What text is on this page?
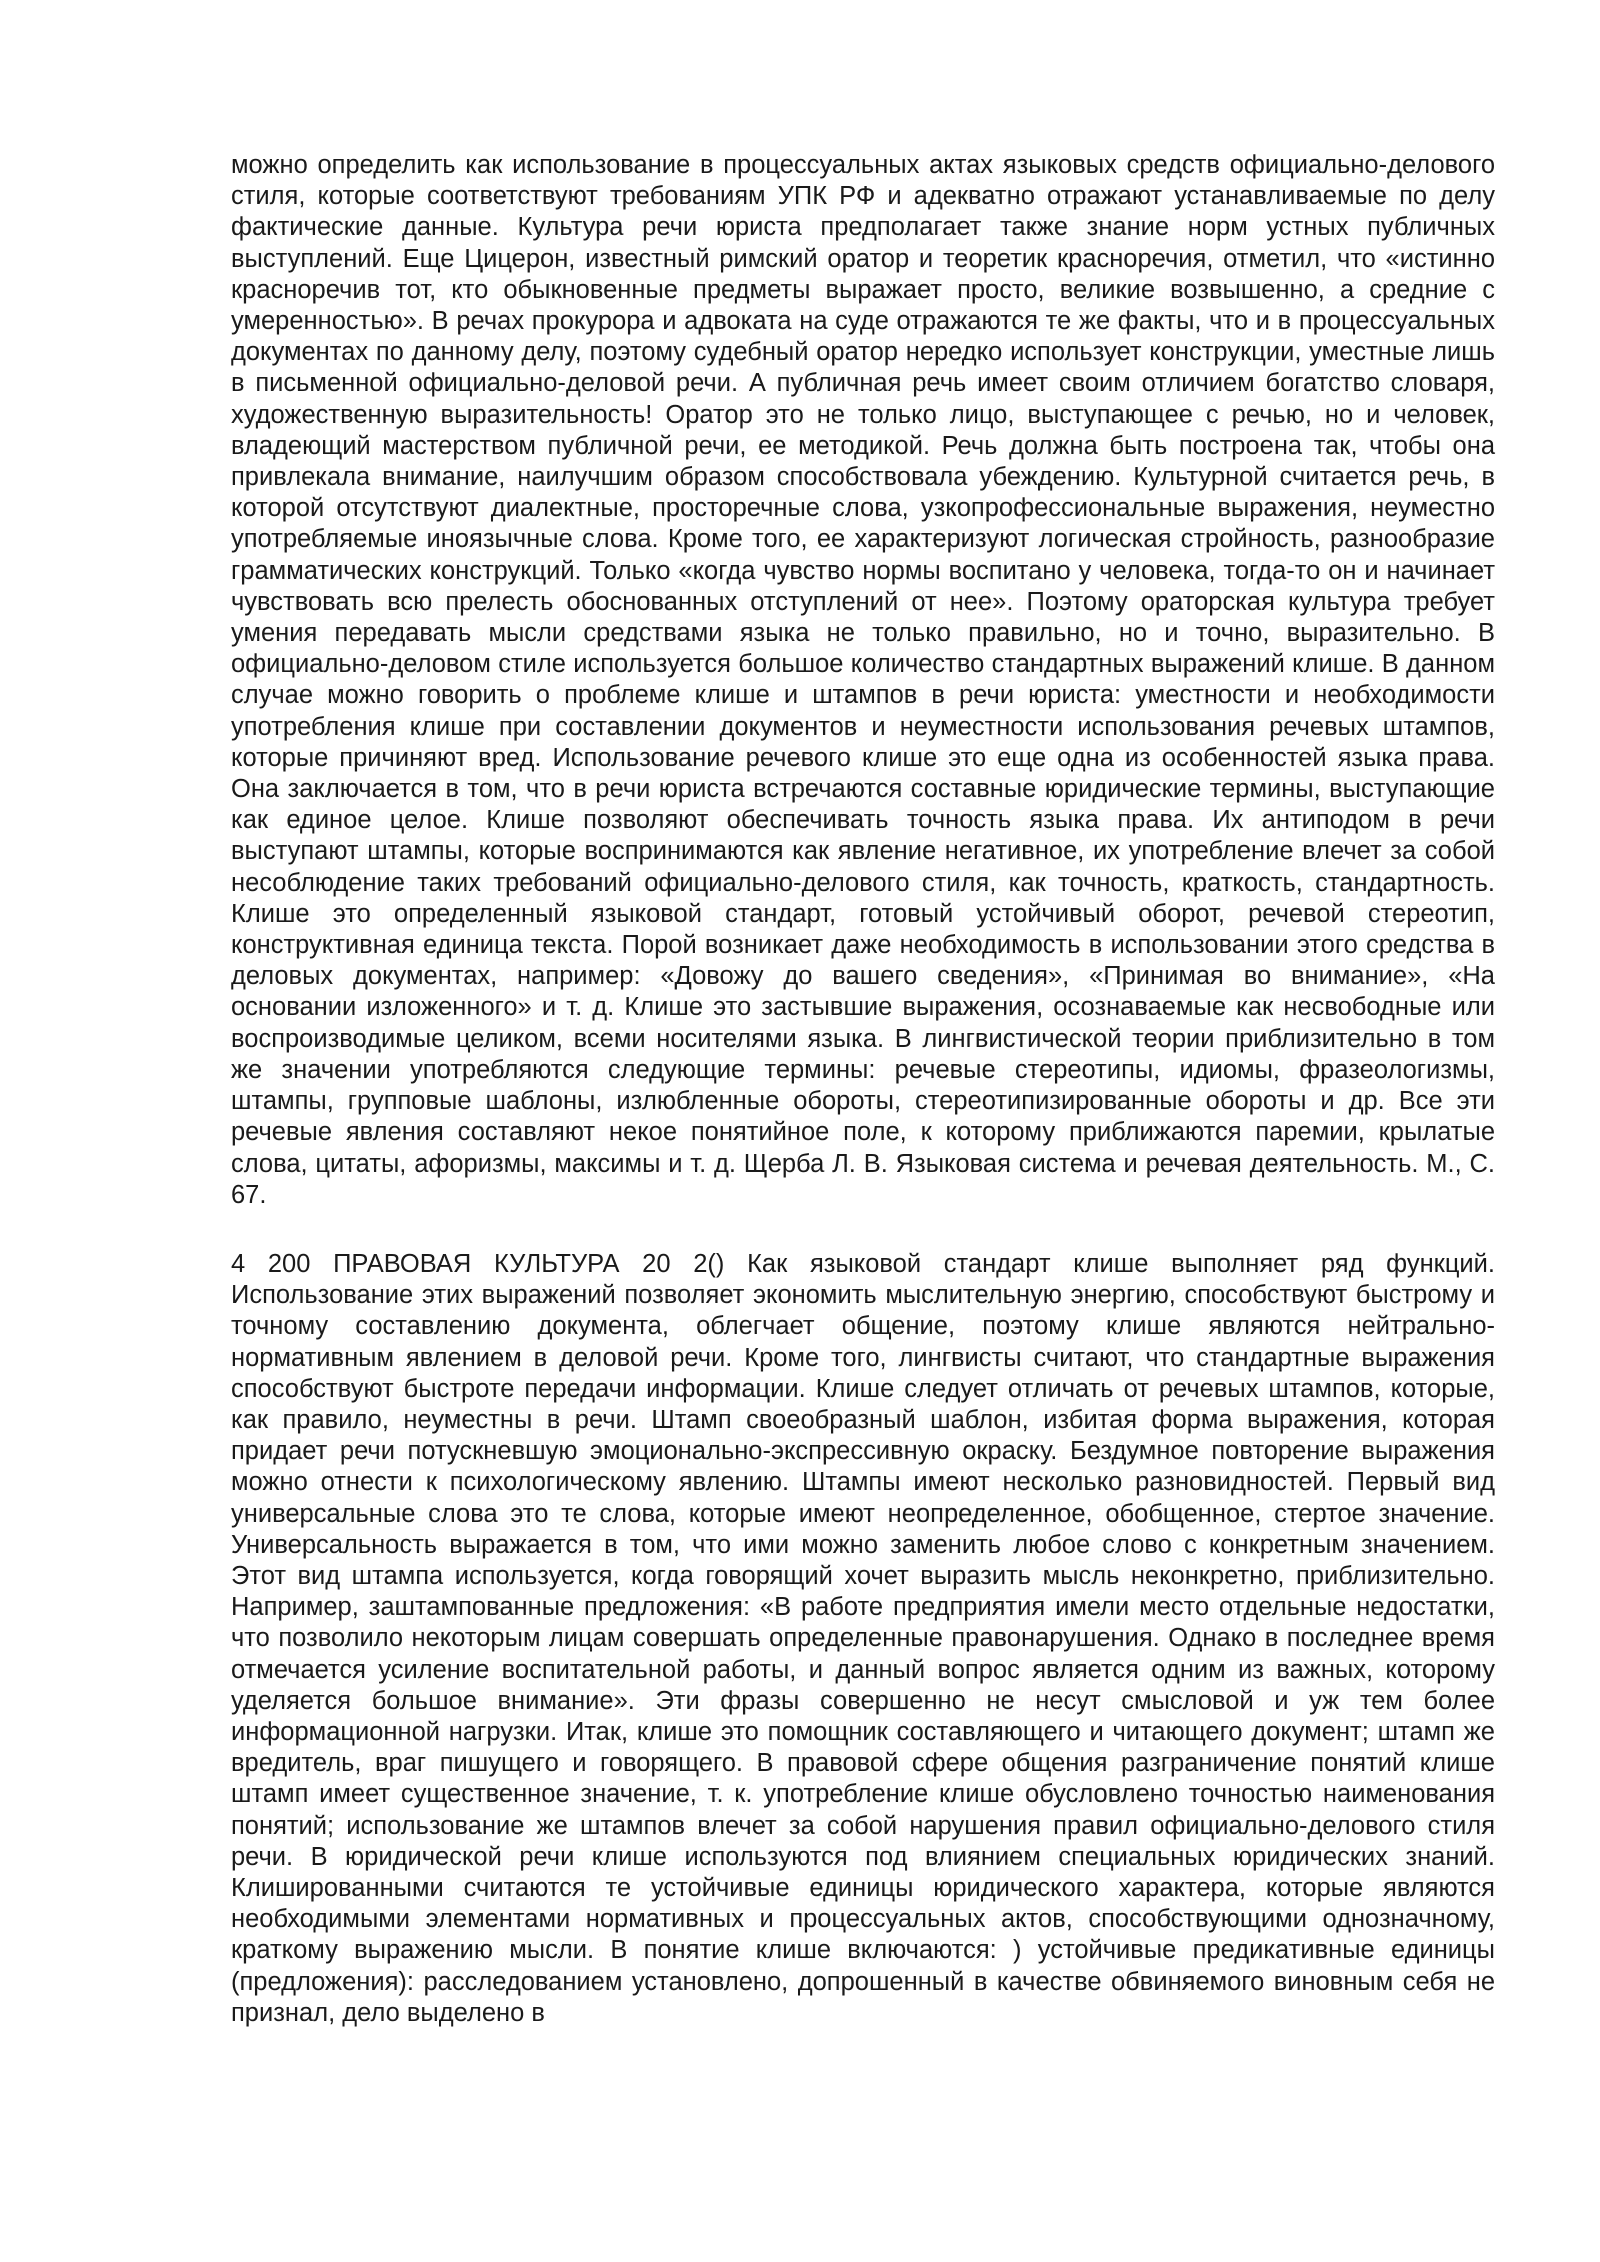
можно определить как использование в процессуальных актах языковых средств официально-делового стиля, которые соответствуют требованиям УПК РФ и адекватно отражают устанавливаемые по делу фактические данные. Культура речи юриста предполагает также знание норм устных публичных выступлений. Еще Цицерон, известный римский оратор и теоретик красноречия, отметил, что «истинно красноречив тот, кто обыкновенные предметы выражает просто, великие возвышенно, а средние с умеренностью». В речах прокурора и адвоката на суде отражаются те же факты, что и в процессуальных документах по данному делу, поэтому судебный оратор нередко использует конструкции, уместные лишь в письменной официально-деловой речи. А публичная речь имеет своим отличием богатство словаря, художественную выразительность! Оратор это не только лицо, выступающее с речью, но и человек, владеющий мастерством публичной речи, ее методикой. Речь должна быть построена так, чтобы она привлекала внимание, наилучшим образом способствовала убеждению. Культурной считается речь, в которой отсутствуют диалектные, просторечные слова, узкопрофессиональные выражения, неуместно употребляемые иноязычные слова. Кроме того, ее характеризуют логическая стройность, разнообразие грамматических конструкций. Только «когда чувство нормы воспитано у человека, тогда-то он и начинает чувствовать всю прелесть обоснованных отступлений от нее». Поэтому ораторская культура требует умения передавать мысли средствами языка не только правильно, но и точно, выразительно. В официально-деловом стиле используется большое количество стандартных выражений клише. В данном случае можно говорить о проблеме клише и штампов в речи юриста: уместности и необходимости употребления клише при составлении документов и неуместности использования речевых штампов, которые причиняют вред. Использование речевого клише это еще одна из особенностей языка права. Она заключается в том, что в речи юриста встречаются составные юридические термины, выступающие как единое целое. Клише позволяют обеспечивать точность языка права. Их антиподом в речи выступают штампы, которые воспринимаются как явление негативное, их употребление влечет за собой несоблюдение таких требований официально-делового стиля, как точность, краткость, стандартность. Клише это определенный языковой стандарт, готовый устойчивый оборот, речевой стереотип, конструктивная единица текста. Порой возникает даже необходимость в использовании этого средства в деловых документах, например: «Довожу до вашего сведения», «Принимая во внимание», «На основании изложенного» и т. д. Клише это застывшие выражения, осознаваемые как несвободные или воспроизводимые целиком, всеми носителями языка. В лингвистической теории приблизительно в том же значении употребляются следующие термины: речевые стереотипы, идиомы, фразеологизмы, штампы, групповые шаблоны, излюбленные обороты, стереотипизированные обороты и др. Все эти речевые явления составляют некое понятийное поле, к которому приближаются паремии, крылатые слова, цитаты, афоризмы, максимы и т. д. Щерба Л. В. Языковая система и речевая деятельность. М., С. 67.

4 200 ПРАВОВАЯ КУЛЬТУРА 20 2() Как языковой стандарт клише выполняет ряд функций. Использование этих выражений позволяет экономить мыслительную энергию, способствуют быстрому и точному составлению документа, облегчает общение, поэтому клише являются нейтрально-нормативным явлением в деловой речи. Кроме того, лингвисты считают, что стандартные выражения способствуют быстроте передачи информации. Клише следует отличать от речевых штампов, которые, как правило, неуместны в речи. Штамп своеобразный шаблон, избитая форма выражения, которая придает речи потускневшую эмоционально-экспрессивную окраску. Бездумное повторение выражения можно отнести к психологическому явлению. Штампы имеют несколько разновидностей. Первый вид универсальные слова это те слова, которые имеют неопределенное, обобщенное, стертое значение. Универсальность выражается в том, что ими можно заменить любое слово с конкретным значением. Этот вид штампа используется, когда говорящий хочет выразить мысль неконкретно, приблизительно. Например, заштампованные предложения: «В работе предприятия имели место отдельные недостатки, что позволило некоторым лицам совершать определенные правонарушения. Однако в последнее время отмечается усиление воспитательной работы, и данный вопрос является одним из важных, которому уделяется большое внимание». Эти фразы совершенно не несут смысловой и уж тем более информационной нагрузки. Итак, клише это помощник составляющего и читающего документ; штамп же вредитель, враг пишущего и говорящего. В правовой сфере общения разграничение понятий клише штамп имеет существенное значение, т. к. употребление клише обусловлено точностью наименования понятий; использование же штампов влечет за собой нарушения правил официально-делового стиля речи. В юридической речи клише используются под влиянием специальных юридических знаний. Клишированными считаются те устойчивые единицы юридического характера, которые являются необходимыми элементами нормативных и процессуальных актов, способствующими однозначному, краткому выражению мысли. В понятие клише включаются: ) устойчивые предикативные единицы (предложения): расследованием установлено, допрошенный в качестве обвиняемого виновным себя не признал, дело выделено в
